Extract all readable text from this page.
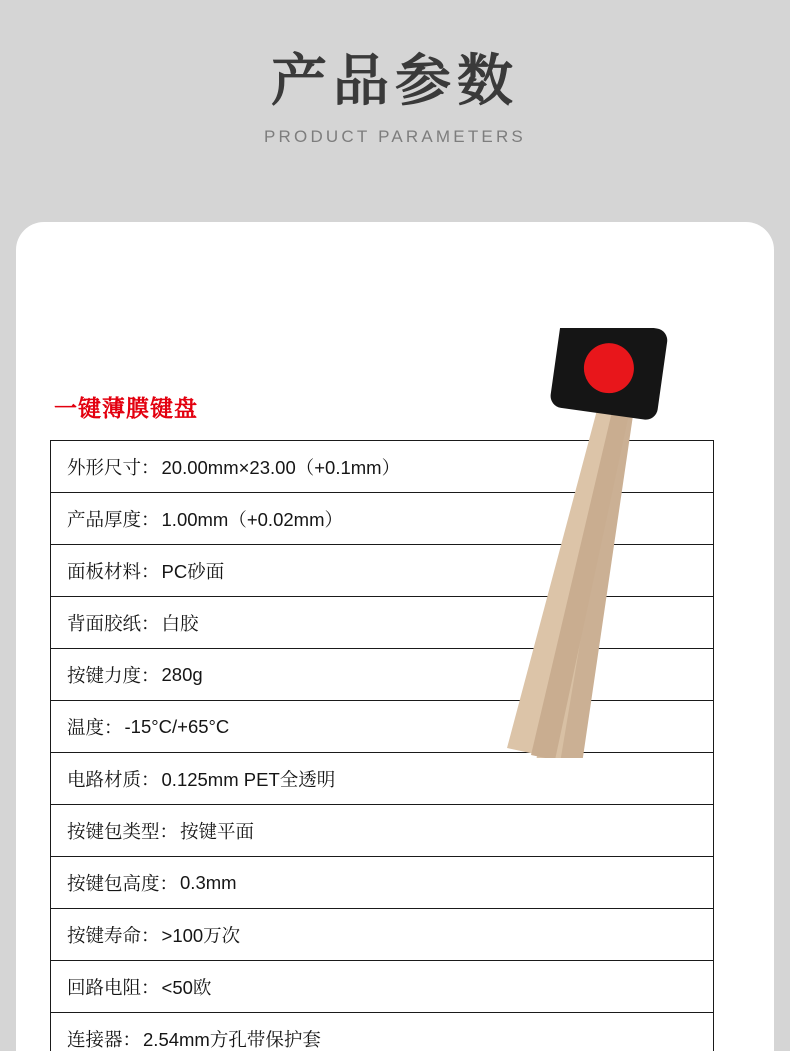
产品参数
PRODUCT PARAMETERS
一键薄膜键盘
外形尺寸： 20.00mm×23.00（+0.1mm）
产品厚度： 1.00mm（+0.02mm）
面板材料： PC砂面
背面胶纸： 白胶
按键力度： 280g
温度： -15°C/+65°C
电路材质： 0.125mm PET全透明
按键包类型： 按键平面
按键包高度： 0.3mm
按键寿命： >100万次
回路电阻： <50欧
连接器： 2.54mm方孔带保护套
